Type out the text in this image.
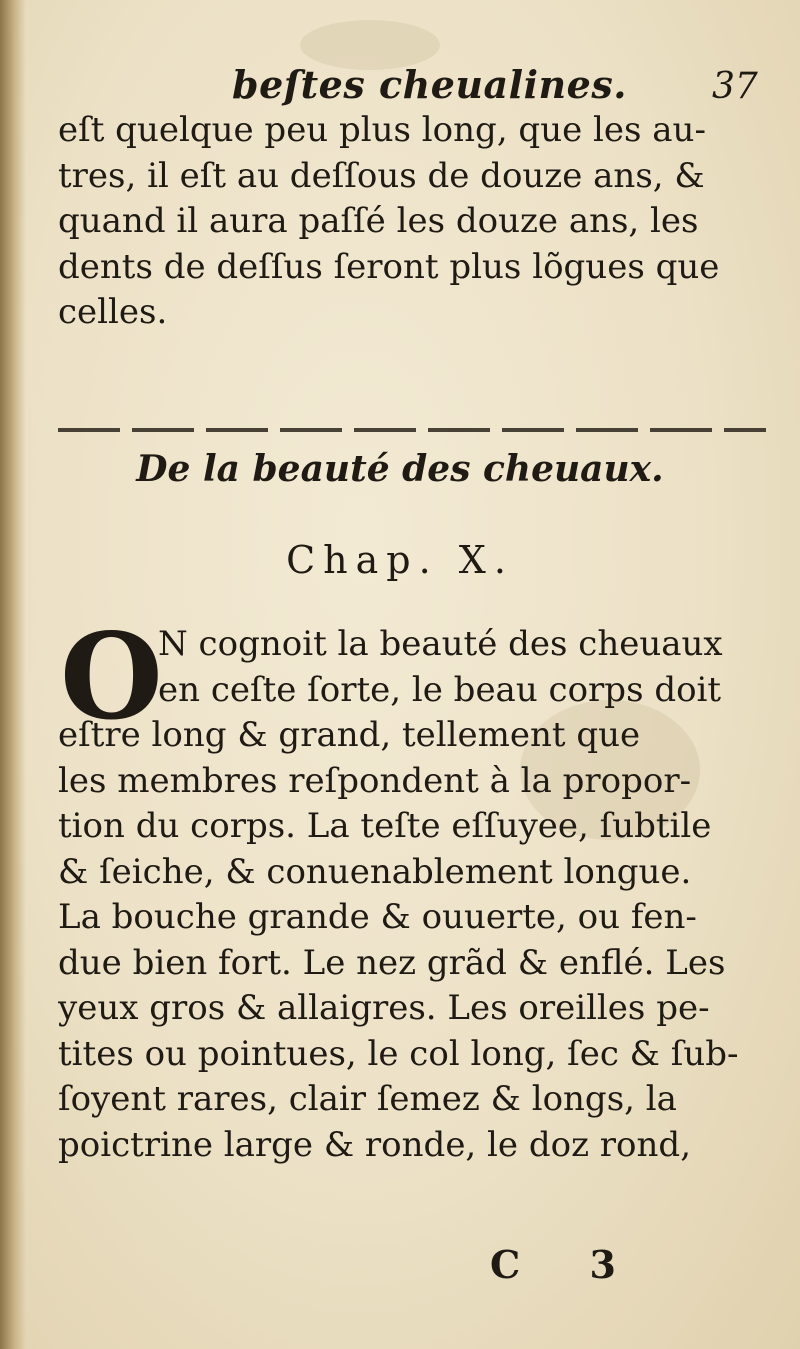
beſtes cheualines. 37
eſt quelque peu plus long, que les au-
tres, il eſt au deſſous de douze ans, &
quand il aura paſſé les douze ans, les
dents de deſſus ſeront plus lõgues que
celles.
De la beauté des cheuaux.
Chap. X.
O
N cognoit la beauté des cheuaux
en ceſte ſorte, le beau corps doit
eſtre long & grand, tellement que
les membres reſpondent à la propor-
tion du corps. La teſte eſſuyee, ſubtile
& ſeiche, & conuenablement longue.
La bouche grande & ouuerte, ou fen-
due bien fort. Le nez grãd & enflé. Les
yeux gros & allaigres. Les oreilles pe-
tites ou pointues, le col long, ſec & ſub-
ſoyent rares, clair ſemez & longs, la
poictrine large & ronde, le doz rond,
C 3
